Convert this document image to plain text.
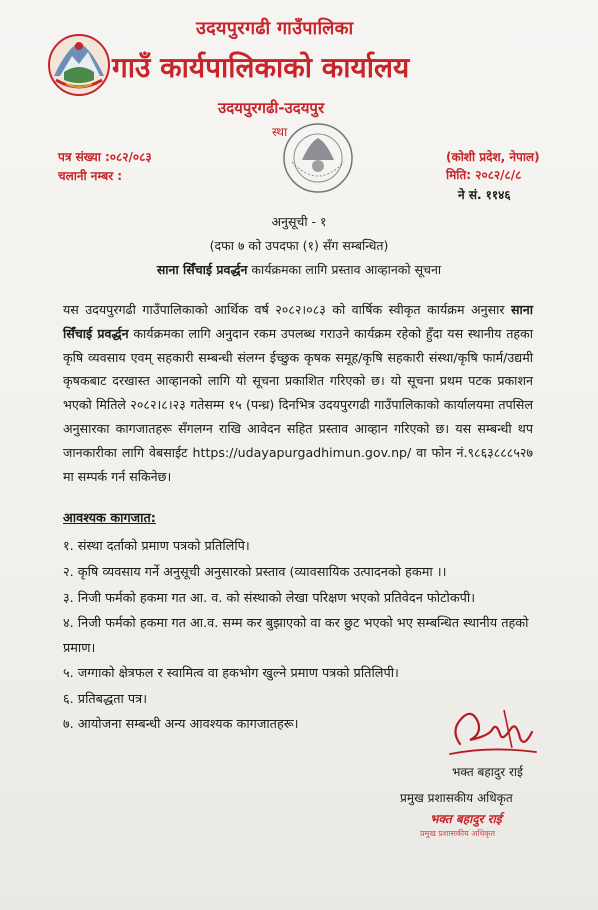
उदयपुरगढी गाउँपालिका
गाउँ कार्यपालिकाको कार्यालय
उदयपुरगढी-उदयपुर
स्था
पत्र संख्या :०८२/०८३
चलानी नम्बर :
(कोशी प्रदेश, नेपाल)
मिति: २०८२/८/८
ने सं. ११४६
अनुसूची - १
(दफा ७ को उपदफा (१) सँग सम्बन्धित)
साना सिँचाई प्रवर्द्धन कार्यक्रमका लागि प्रस्ताव आव्हानको सूचना
यस उदयपुरगढी गाउँपालिकाको आर्थिक वर्ष २०८२।०८३ को वार्षिक स्वीकृत कार्यक्रम अनुसार साना सिँचाई प्रवर्द्धन कार्यक्रमका लागि अनुदान रकम उपलब्ध गराउने कार्यक्रम रहेको हुँदा यस स्थानीय तहका कृषि व्यवसाय एवम् सहकारी सम्बन्धी संलग्न ईच्छुक कृषक समूह/कृषि सहकारी संस्था/कृषि फार्म/उद्यमी कृषकबाट दरखास्त आव्हानको लागि यो सूचना प्रकाशित गरिएको छ। यो सूचना प्रथम पटक प्रकाशन भएको मितिले २०८२।८।२३ गतेसम्म १५ (पन्ध्र) दिनभित्र उदयपुरगढी गाउँपालिकाको कार्यालयमा तपसिल अनुसारका कागजातहरू सँगलग्न राखि आवेदन सहित प्रस्ताव आव्हान गरिएको छ। यस सम्बन्धी थप जानकारीका लागि वेबसाईट https://udayapurgadhimun.gov.np/ वा फोन नं.९८६३८८८५२७ मा सम्पर्क गर्न सकिनेछ।
आवश्यक कागजात:
१. संस्था दर्ताको प्रमाण पत्रको प्रतिलिपि।
२. कृषि व्यवसाय गर्ने अनुसूची अनुसारको प्रस्ताव (व्यावसायिक उत्पादनको हकमा ।।
३. निजी फर्मको हकमा गत आ. व. को संस्थाको लेखा परिक्षण भएको प्रतिवेदन फोटोकपी।
४. निजी फर्मको हकमा गत आ.व. सम्म कर बुझाएको वा कर छुट भएको भए सम्बन्धित स्थानीय तहको प्रमाण।
५. जग्गाको क्षेत्रफल र स्वामित्व वा हकभोग खुल्ने प्रमाण पत्रको प्रतिलिपी।
६. प्रतिबद्धता पत्र।
७. आयोजना सम्बन्धी अन्य आवश्यक कागजातहरू।
भक्त बहादुर राई
प्रमुख प्रशासकीय अधिकृत
भक्त बहादुर राई
प्रमुख प्रशासकीय अधिकृत
